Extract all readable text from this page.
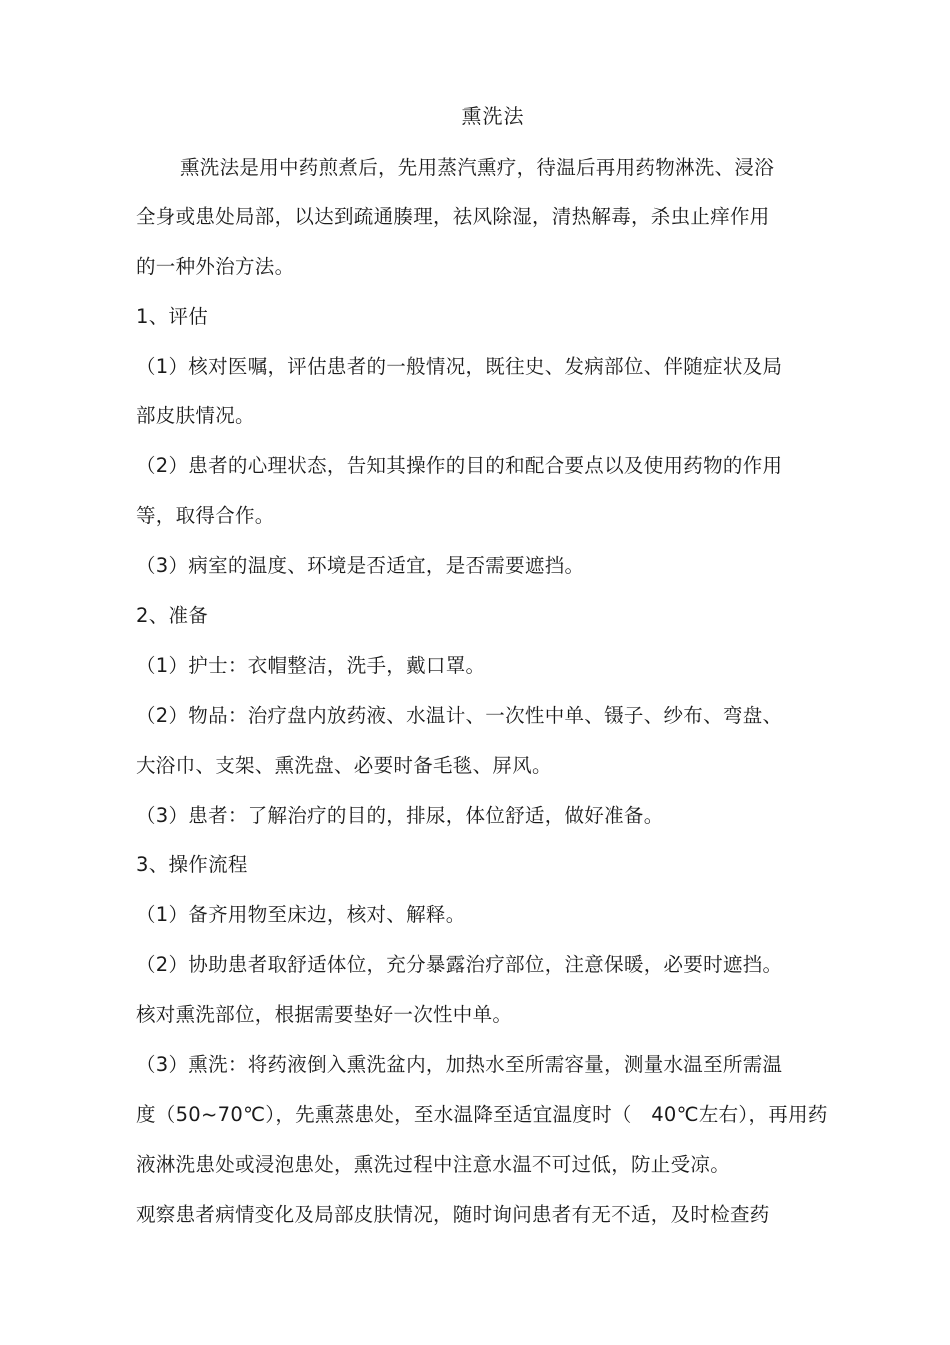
熏洗法
熏洗法是用中药煎煮后，先用蒸汽熏疗，待温后再用药物淋洗、浸浴
全身或患处局部，以达到疏通腠理，祛风除湿，清热解毒，杀虫止痒作用
的一种外治方法。
1、评估
（1）核对医嘱，评估患者的一般情况，既往史、发病部位、伴随症状及局
部皮肤情况。
（2）患者的心理状态，告知其操作的目的和配合要点以及使用药物的作用
等，取得合作。
（3）病室的温度、环境是否适宜，是否需要遮挡。
2、准备
（1）护士：衣帽整洁，洗手，戴口罩。
（2）物品：治疗盘内放药液、水温计、一次性中单、镊子、纱布、弯盘、
大浴巾、支架、熏洗盘、必要时备毛毯、屏风。
（3）患者：了解治疗的目的，排尿，体位舒适，做好准备。
3、操作流程
（1）备齐用物至床边，核对、解释。
（2）协助患者取舒适体位，充分暴露治疗部位，注意保暖，必要时遮挡。
核对熏洗部位，根据需要垫好一次性中单。
（3）熏洗：将药液倒入熏洗盆内，加热水至所需容量，测量水温至所需温
度（50~70℃），先熏蒸患处，至水温降至适宜温度时（   40℃左右），再用药
液淋洗患处或浸泡患处，熏洗过程中注意水温不可过低，防止受凉。
观察患者病情变化及局部皮肤情况，随时询问患者有无不适，及时检查药
